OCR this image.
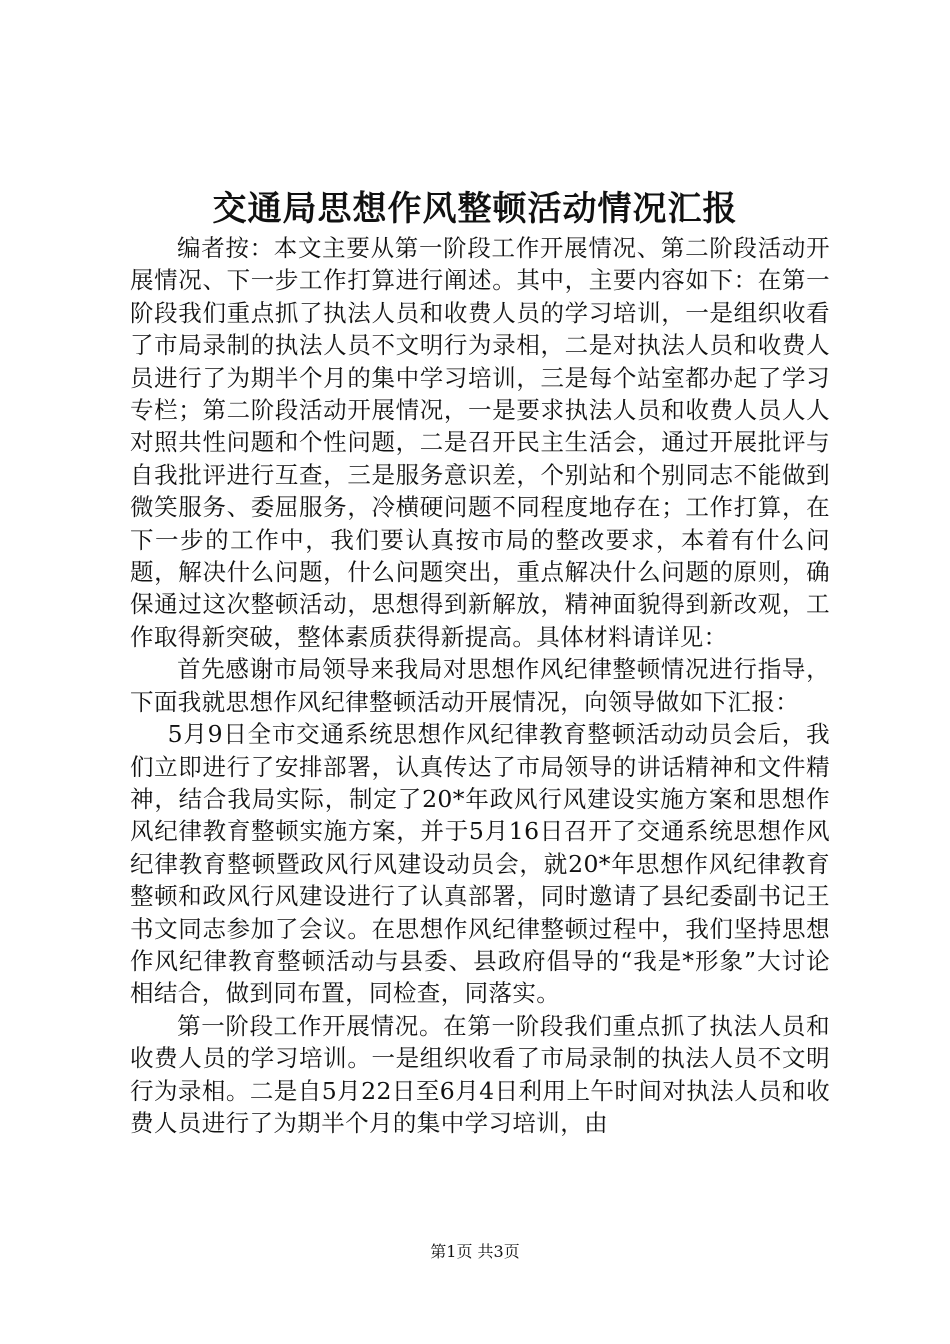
交通局思想作风整顿活动情况汇报

编者按：本文主要从第一阶段工作开展情况、第二阶段活动开展情况、下一步工作打算进行阐述。其中，主要内容如下：在第一阶段我们重点抓了执法人员和收费人员的学习培训，一是组织收看了市局录制的执法人员不文明行为录相，二是对执法人员和收费人员进行了为期半个月的集中学习培训，三是每个站室都办起了学习专栏；第二阶段活动开展情况，一是要求执法人员和收费人员人人对照共性问题和个性问题，二是召开民主生活会，通过开展批评与自我批评进行互查，三是服务意识差，个别站和个别同志不能做到微笑服务、委屈服务，冷横硬问题不同程度地存在；工作打算，在下一步的工作中，我们要认真按市局的整改要求，本着有什么问题，解决什么问题，什么问题突出，重点解决什么问题的原则，确保通过这次整顿活动，思想得到新解放，精神面貌得到新改观，工作取得新突破，整体素质获得新提高。具体材料请详见：

首先感谢市局领导来我局对思想作风纪律整顿情况进行指导，下面我就思想作风纪律整顿活动开展情况，向领导做如下汇报：

5月9日全市交通系统思想作风纪律教育整顿活动动员会后，我们立即进行了安排部署，认真传达了市局领导的讲话精神和文件精神，结合我局实际，制定了20*年政风行风建设实施方案和思想作风纪律教育整顿实施方案，并于5月16日召开了交通系统思想作风纪律教育整顿暨政风行风建设动员会，就20*年思想作风纪律教育整顿和政风行风建设进行了认真部署，同时邀请了县纪委副书记王书文同志参加了会议。在思想作风纪律整顿过程中，我们坚持思想作风纪律教育整顿活动与县委、县政府倡导的“我是*形象”大讨论相结合，做到同布置，同检查，同落实。

第一阶段工作开展情况。在第一阶段我们重点抓了执法人员和收费人员的学习培训。一是组织收看了市局录制的执法人员不文明行为录相。二是自5月22日至6月4日利用上午时间对执法人员和收费人员进行了为期半个月的集中学习培训，由

第1页 共3页
